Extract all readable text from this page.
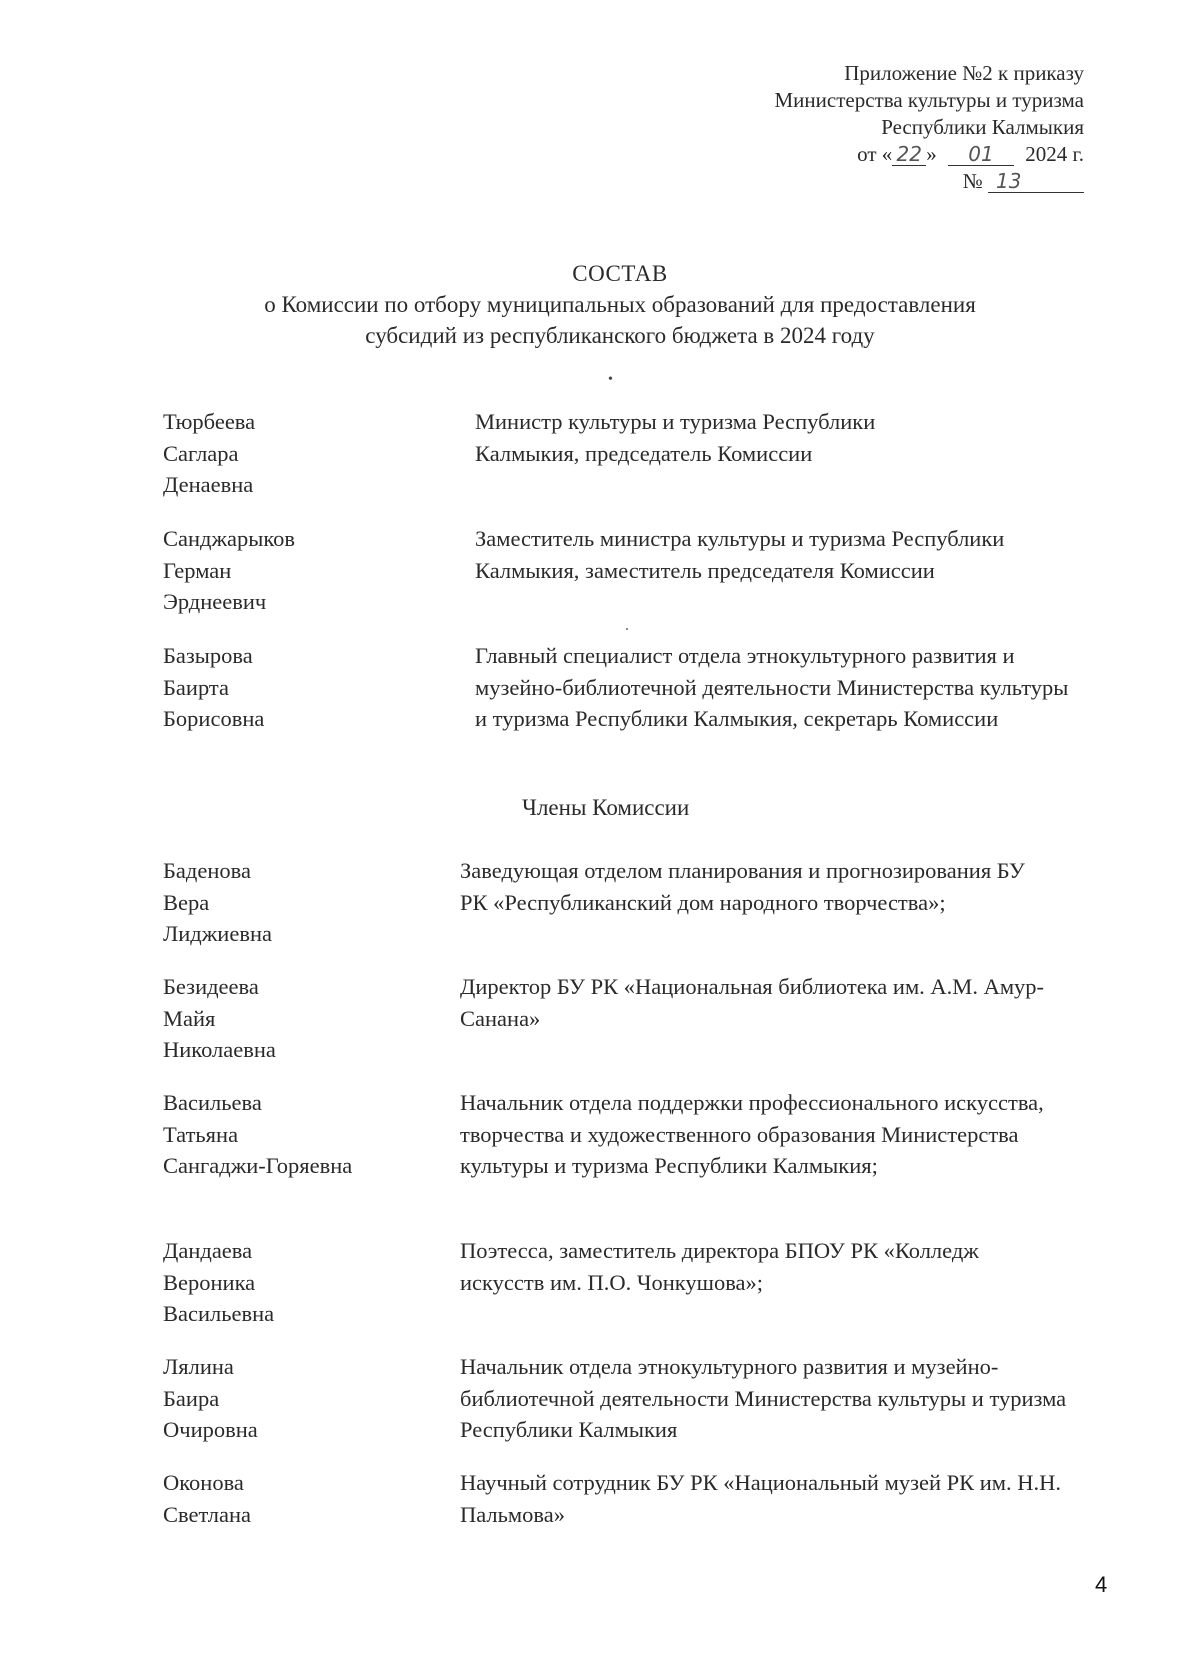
Приложение №2 к приказу
Министерства культуры и туризма
Республики Калмыкия
от « 22 » 01 2024 г.
№ 13
СОСТАВ
о Комиссии по отбору муниципальных образований для предоставления
субсидий из республиканского бюджета в 2024 году
•
Тюрбеева
Саглара
Денаевна
Министр культуры и туризма Республики Калмыкия, председатель Комиссии
Санджарыков
Герман
Эрднеевич
Заместитель министра культуры и туризма Республики Калмыкия, заместитель председателя Комиссии
Базырова
Баирта
Борисовна
Главный специалист отдела этнокультурного развития и музейно-библиотечной деятельности Министерства культуры и туризма Республики Калмыкия, секретарь Комиссии
Члены Комиссии
Баденова
Вера
Лиджиевна
Заведующая отделом планирования и прогнозирования БУ РК «Республиканский дом народного творчества»;
Безидеева
Майя
Николаевна
Директор БУ РК «Национальная библиотека им. А.М. Амур-Санана»
Васильева
Татьяна
Сангаджи-Горяевна
Начальник отдела поддержки профессионального искусства, творчества и художественного образования Министерства культуры и туризма Республики Калмыкия;
Дандаева
Вероника
Васильевна
Поэтесса, заместитель директора БПОУ РК «Колледж искусств им. П.О. Чонкушова»;
Лялина
Баира
Очировна
Начальник отдела этнокультурного развития и музейно-библиотечной деятельности Министерства культуры и туризма Республики Калмыкия
Оконова
Светлана
Научный сотрудник БУ РК «Национальный музей РК им. Н.Н. Пальмова»
4
